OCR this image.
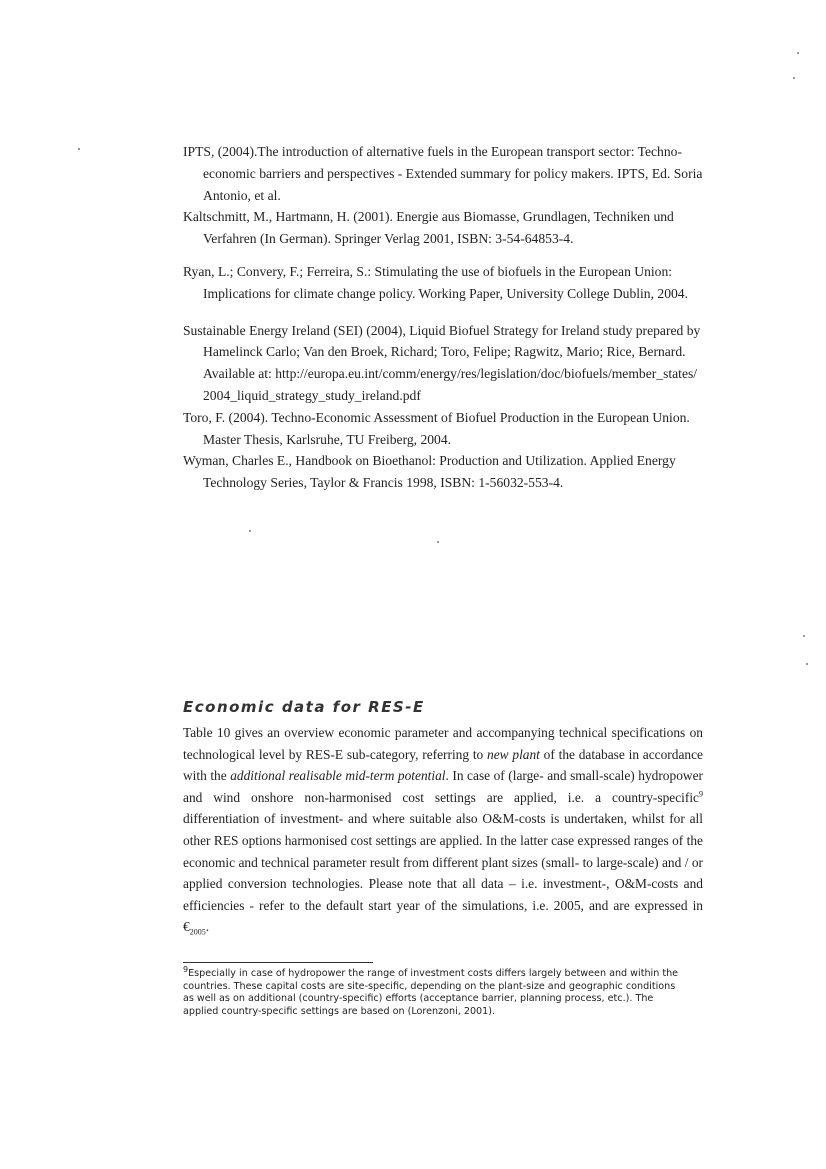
IPTS, (2004).The introduction of alternative fuels in the European transport sector: Techno-economic barriers and perspectives - Extended summary for policy makers. IPTS, Ed. Soria Antonio, et al.

Kaltschmitt, M., Hartmann, H. (2001). Energie aus Biomasse, Grundlagen, Techniken und Verfahren (In German). Springer Verlag 2001, ISBN: 3-54-64853-4.

Ryan, L.; Convery, F.; Ferreira, S.: Stimulating the use of biofuels in the European Union: Implications for climate change policy. Working Paper, University College Dublin, 2004.

Sustainable Energy Ireland (SEI) (2004), Liquid Biofuel Strategy for Ireland study prepared by Hamelinck Carlo; Van den Broek, Richard; Toro, Felipe; Ragwitz, Mario; Rice, Bernard. Available at: http://europa.eu.int/comm/energy/res/legislation/doc/biofuels/member_states/2004_liquid_strategy_study_ireland.pdf

Toro, F. (2004). Techno-Economic Assessment of Biofuel Production in the European Union. Master Thesis, Karlsruhe, TU Freiberg, 2004.

Wyman, Charles E., Handbook on Bioethanol: Production and Utilization. Applied Energy Technology Series, Taylor & Francis 1998, ISBN: 1-56032-553-4.

Economic data for RES-E

Table 10 gives an overview economic parameter and accompanying technical specifications on technological level by RES-E sub-category, referring to new plant of the database in accordance with the additional realisable mid-term potential. In case of (large- and small-scale) hydropower and wind onshore non-harmonised cost settings are applied, i.e. a country-specific$^9$ differentiation of investment- and where suitable also O&M-costs is undertaken, whilst for all other RES options harmonised cost settings are applied. In the latter case expressed ranges of the economic and technical parameter result from different plant sizes (small- to large-scale) and / or applied conversion technologies. Please note that all data – i.e. investment-, O&M-costs and efficiencies - refer to the default start year of the simulations, i.e. 2005, and are expressed in $€_{2005}$.

$^9$Especially in case of hydropower the range of investment costs differs largely between and within the countries. These capital costs are site-specific, depending on the plant-size and geographic conditions as well as on additional (country-specific) efforts (acceptance barrier, planning process, etc.). The applied country-specific settings are based on (Lorenzoni, 2001).
